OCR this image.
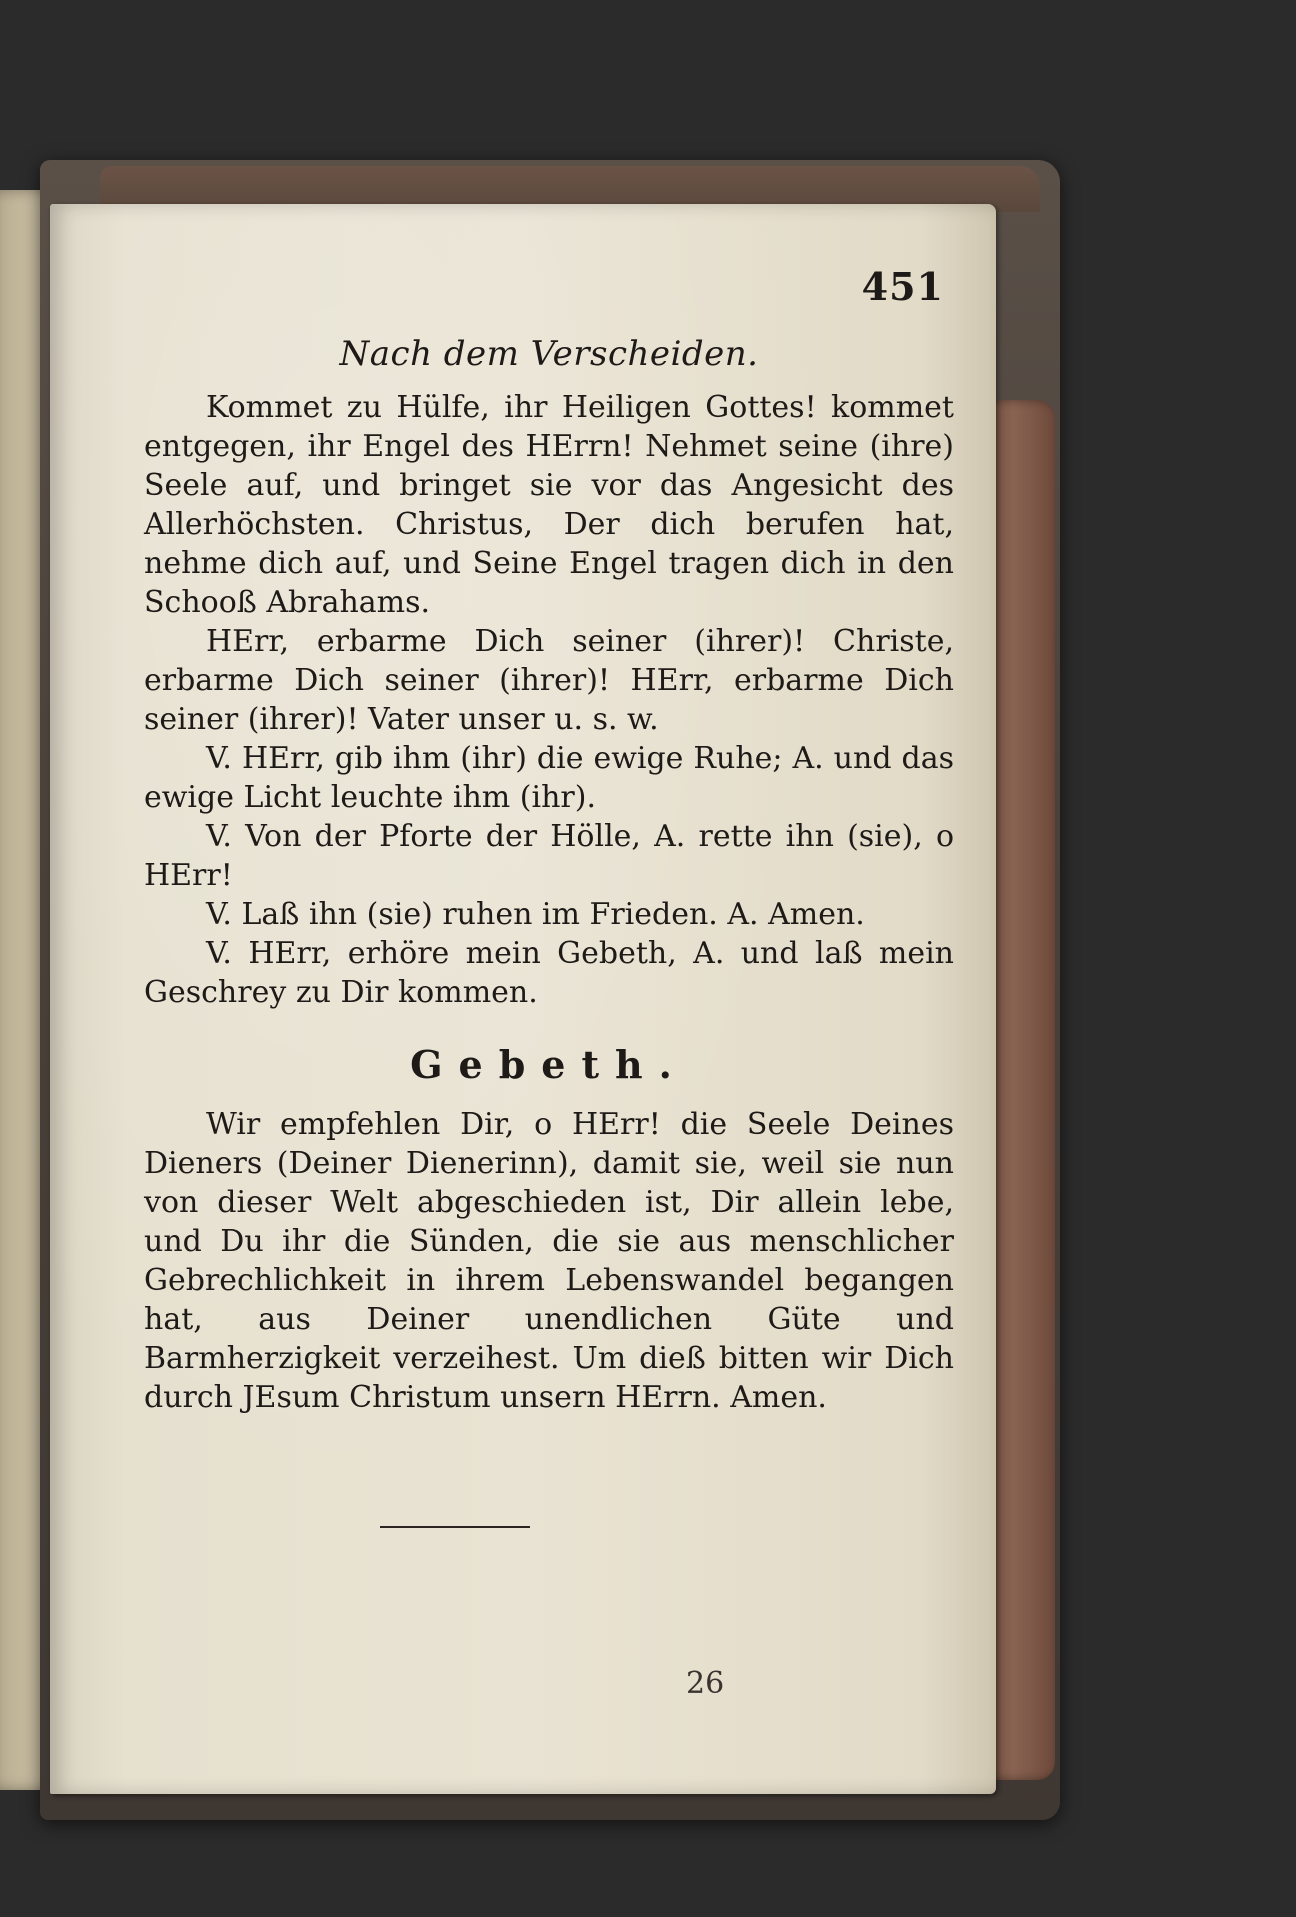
451
Nach dem Verscheiden.

Kommet zu Hülfe, ihr Heiligen Gottes! kommet entgegen, ihr Engel des HErrn! Nehmet seine (ihre) Seele auf, und bringet sie vor das Angesicht des Allerhöchsten. Christus, Der dich berufen hat, nehme dich auf, und Seine Engel tragen dich in den Schooß Abrahams.

HErr, erbarme Dich seiner (ihrer)! Christe, erbarme Dich seiner (ihrer)! HErr, erbarme Dich seiner (ihrer)! Vater unser u. s. w.

V. HErr, gib ihm (ihr) die ewige Ruhe; A. und das ewige Licht leuchte ihm (ihr).

V. Von der Pforte der Hölle, A. rette ihn (sie), o HErr!

V. Laß ihn (sie) ruhen im Frieden. A. Amen.

V. HErr, erhöre mein Gebeth, A. und laß mein Geschrey zu Dir kommen.

Gebeth.

Wir empfehlen Dir, o HErr! die Seele Deines Dieners (Deiner Dienerinn), damit sie, weil sie nun von dieser Welt abgeschieden ist, Dir allein lebe, und Du ihr die Sünden, die sie aus menschlicher Gebrechlichkeit in ihrem Lebenswandel begangen hat, aus Deiner unendlichen Güte und Barmherzigkeit verzeihest. Um dieß bitten wir Dich durch JEsum Christum unsern HErrn. Amen.

26
